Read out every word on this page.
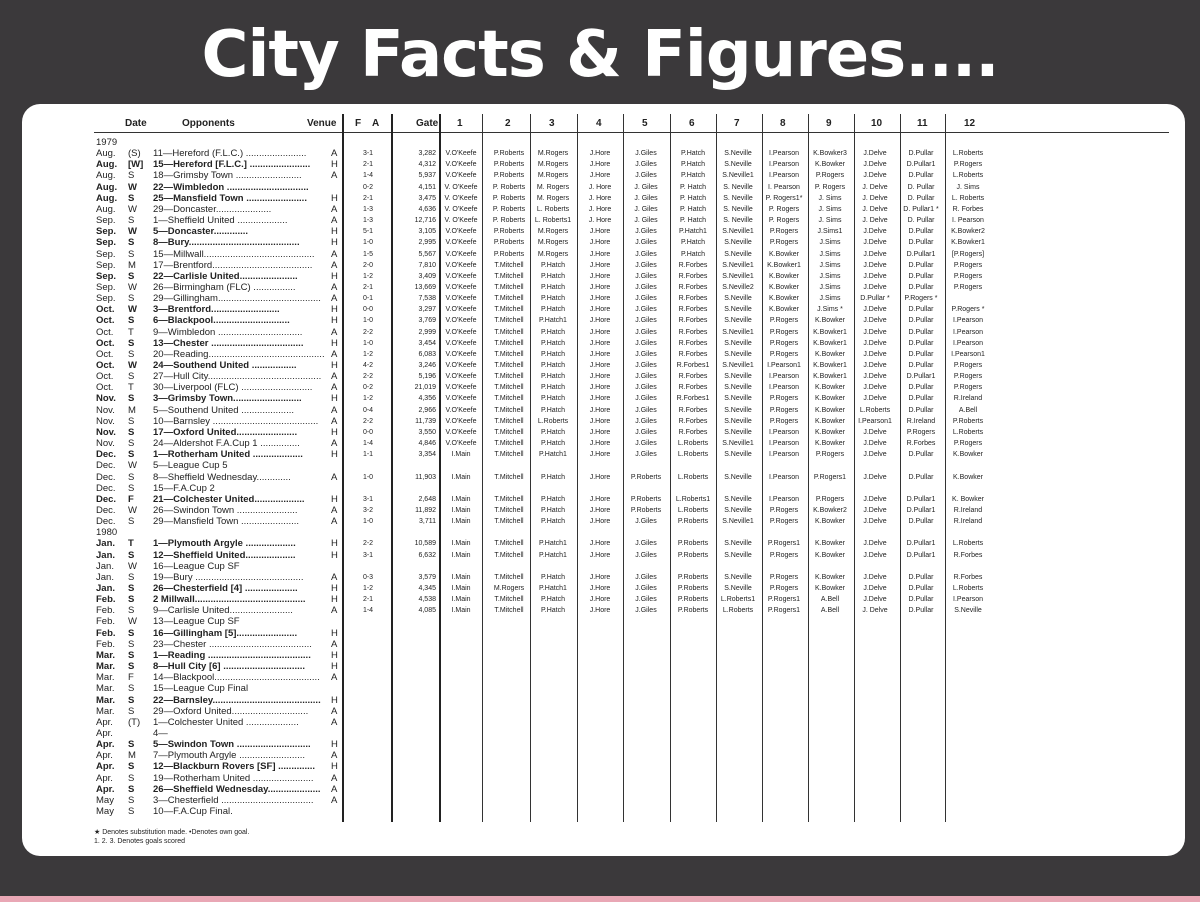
City Facts & Figures....
Date	Opponents	Venue F A	Gate 1	2	3	4	5	6	7	8	9	10	11	12
1979
Aug. (S) 11—Hereford (F.L.C.) .......................	A	3-1	3,282	V.O'Keefe	P.Roberts	M.Rogers	J.Hore	J.Giles	P.Hatch	S.Neville	I.Pearson	K.Bowker3	J.Delve	D.Pullar	L.Roberts
Aug. [W] 15—Hereford [F.L.C.] .......................	H	2-1	4,312	V.O'Keefe	P.Roberts	M.Rogers	J.Hore	J.Giles	P.Hatch	S.Neville	I.Pearson	K.Bowker	J.Delve	D.Pullar1	P.Rogers
Aug. S 18—Grimsby Town .........................	A	1-4	5,937	V.O'Keefe	P.Roberts	M.Rogers	J.Hore	J.Giles	P.Hatch	S.Neville1	I.Pearson	P.Rogers	J.Delve	D.Pullar	L.Roberts
Aug. W 22—Wimbledon ...............................	0-2	4,151	V. O'Keefe	P. Roberts	M. Rogers	J. Hore	J. Giles	P. Hatch	S. Neville	I. Pearson	P. Rogers	J. Delve	D. Pullar	J. Sims
Aug. S 25—Mansfield Town .......................	H	2-1	3,475	V. O'Keefe	P. Roberts	M. Rogers	J. Hore	J. Giles	P. Hatch	S. Neville	P. Rogers1*	J. Sims	J. Delve	D. Pullar	L. Roberts
Aug. W 29—Doncaster.....................	A	1-3	4,636	V. O'Keefe	P. Roberts	L. Roberts	J. Hore	J. Giles	P. Hatch	S. Neville	P. Rogers	J. Sims	J. Delve	D. Pullar1 *	R. Forbes
Sep. S 1—Sheffield United ...................	A	1-3	12,716	V. O'Keefe	P. Roberts	L. Roberts1	J. Hore	J. Giles	P. Hatch	S. Neville	P. Rogers	J. Sims	J. Delve	D. Pullar	I. Pearson
Sep. W 5—Doncaster.............	H	5-1	3,105	V.O'Keefe	P.Roberts	M.Rogers	J.Hore	J.Giles	P.Hatch1	S.Neville1	P.Rogers	J.Sims1	J.Delve	D.Pullar	K.Bowker2
Sep. S 8—Bury..........................................	H	1-0	2,995	V.O'Keefe	P.Roberts	M.Rogers	J.Hore	J.Giles	P.Hatch	S.Neville	P.Rogers	J.Sims	J.Delve	D.Pullar	K.Bowker1
Sep. S 15—Millwall..........................................	A	1-5	5,567	V.O'Keefe	P.Roberts	M.Rogers	J.Hore	J.Giles	P.Hatch	S.Neville	K.Bowker	J.Sims	J.Delve	D.Pullar1	[P.Rogers]
Sep. M 17—Brentford......................................	A	2-0	7,810	V.O'Keefe	T.Mitchell	P.Hatch	J.Hore	J.Giles	R.Forbes	S.Neville1	K.Bowker1	J.Sims	J.Delve	D.Pullar	P.Rogers
Sep. S 22—Carlisle United......................	H	1-2	3,409	V.O'Keefe	T.Mitchell	P.Hatch	J.Hore	J.Giles	R.Forbes	S.Neville1	K.Bowker	J.Sims	J.Delve	D.Pullar	P.Rogers
Sep. W 26—Birmingham (FLC) ................	A	2-1	13,669	V.O'Keefe	T.Mitchell	P.Hatch	J.Hore	J.Giles	R.Forbes	S.Neville2	K.Bowker	J.Sims	J.Delve	D.Pullar	P.Rogers
Sep. S 29—Gillingham.......................................	A	0-1	7,538	V.O'Keefe	T.Mitchell	P.Hatch	J.Hore	J.Giles	R.Forbes	S.Neville	K.Bowker	J.Sims	D.Pullar *	P.Rogers *
Oct. W 3—Brentford..........................	H	0-0	3,297	V.O'Keefe	T.Mitchell	P.Hatch	J.Hore	J.Giles	R.Forbes	S.Neville	K.Bowker	J.Sims *	J.Delve	D.Pullar	P.Rogers *
Oct. S 6—Blackpool.............................	H	1-0	3,769	V.O'Keefe	T.Mitchell	P.Hatch1	J.Hore	J.Giles	R.Forbes	S.Neville	P.Rogers	K.Bowker	J.Delve	D.Pullar	I.Pearson
Oct. T 9—Wimbledon ................................	A	2-2	2,999	V.O'Keefe	T.Mitchell	P.Hatch	J.Hore	J.Giles	R.Forbes	S.Neville1	P.Rogers	K.Bowker1	J.Delve	D.Pullar	I.Pearson
Oct. S 13—Chester ...................................	H	1-0	3,454	V.O'Keefe	T.Mitchell	P.Hatch	J.Hore	J.Giles	R.Forbes	S.Neville	P.Rogers	K.Bowker1	J.Delve	D.Pullar	I.Pearson
Oct. S 20—Reading............................................ A	1-2	6,083	V.O'Keefe	T.Mitchell	P.Hatch	J.Hore	J.Giles	R.Forbes	S.Neville	P.Rogers	K.Bowker	J.Delve	D.Pullar	I.Pearson1
Oct. W 24—Southend United .................	H	4-2	3,246	V.O'Keefe	T.Mitchell	P.Hatch	J.Hore	J.Giles	R.Forbes1	S.Neville1	I.Pearson1	K.Bowker1	J.Delve	D.Pullar	P.Rogers
Oct. S 27—Hull City...........................................	A	2-2	5,196	V.O'Keefe	T.Mitchell	P.Hatch	J.Hore	J.Giles	R.Forbes	S.Neville	I.Pearson	K.Bowker1	J.Delve	D.Pullar1	P.Rogers
Oct. T 30—Liverpool (FLC) ...........................	A	0-2	21,019	V.O'Keefe	T.Mitchell	P.Hatch	J.Hore	J.Giles	R.Forbes	S.Neville	I.Pearson	K.Bowker	J.Delve	D.Pullar	P.Rogers
Nov. S 3—Grimsby Town..........................	H	1-2	4,356	V.O'Keefe	T.Mitchell	P.Hatch	J.Hore	J.Giles	R.Forbes1	S.Neville	P.Rogers	K.Bowker	J.Delve	D.Pullar	R.Ireland
Nov. M 5—Southend United ....................	A	0-4	2,966	V.O'Keefe	T.Mitchell	P.Hatch	J.Hore	J.Giles	R.Forbes	S.Neville	P.Rogers	K.Bowker	L.Roberts	D.Pullar	A.Bell
Nov. S 10—Barnsley ........................................	A	2-2	11,739	V.O'Keefe	T.Mitchell	L.Roberts	J.Hore	J.Giles	R.Forbes	S.Neville	P.Rogers	K.Bowker	I.Pearson1	R.Ireland	P.Roberts
Nov. S 17—Oxford United.......................	H	0-0	3,550	V.O'Keefe	T.Mitchell	P.Hatch	J.Hore	J.Giles	R.Forbes	S.Neville	I.Pearson	K.Bowker	J.Delve	P.Rogers	L.Roberts
Nov. S 24—Aldershot F.A.Cup 1 ...............	A	1-4	4,846	V.O'Keefe	T.Mitchell	P.Hatch	J.Hore	J.Giles	L.Roberts	S.Neville1	I.Pearson	K.Bowker	J.Delve	R.Forbes	P.Rogers
Dec. S 1—Rotherham United ...................	H	1-1	3,354	I.Main	T.Mitchell	P.Hatch1	J.Hore	J.Giles	L.Roberts	S.Neville	I.Pearson	P.Rogers	J.Delve	D.Pullar	K.Bowker
Dec. W 5—League Cup 5
Dec. S 8—Sheffield Wednesday.............	A	1-0	11,903	I.Main	T.Mitchell	P.Hatch	J.Hore	P.Roberts	L.Roberts	S.Neville	I.Pearson	P.Rogers1	J.Delve	D.Pullar	K.Bowker
Dec. S 15—F.A.Cup 2
Dec. F 21—Colchester United...................	H	3-1	2,648	I.Main	T.Mitchell	P.Hatch	J.Hore	P.Roberts	L.Roberts1	S.Neville	I.Pearson	P.Rogers	J.Delve	D.Pullar1	K. Bowker
Dec. W 26—Swindon Town .......................	A	3-2	11,892	I.Main	T.Mitchell	P.Hatch	J.Hore	P.Roberts	L.Roberts	S.Neville	P.Rogers	K.Bowker2	J.Delve	D.Pullar1	R.Ireland
Dec. S 29—Mansfield Town ......................	A	1-0	3,711	I.Main	T.Mitchell	P.Hatch	J.Hore	J.Giles	P.Roberts	S.Neville1	P.Rogers	K.Bowker	J.Delve	D.Pullar	R.Ireland
1980
Jan. T 1—Plymouth Argyle ...................	H	2-2	10,589	I.Main	T.Mitchell	P.Hatch1	J.Hore	J.Giles	P.Roberts	S.Neville	P.Rogers1	K.Bowker	J.Delve	D.Pullar1	L.Roberts
Jan. S 12—Sheffield United...................	H	3-1	6,632	I.Main	T.Mitchell	P.Hatch1	J.Hore	J.Giles	P.Roberts	S.Neville	P.Rogers	K.Bowker	J.Delve	D.Pullar1	R.Forbes
Jan. W 16—League Cup SF
Jan. S 19—Bury .........................................	A	0-3	3,579	I.Main	T.Mitchell	P.Hatch	J.Hore	J.Giles	P.Roberts	S.Neville	P.Rogers	K.Bowker	J.Delve	D.Pullar	R.Forbes
Jan. S 26—Chesterfield [4] ....................	H	1-2	4,345	I.Main	M.Rogers	P.Hatch1	J.Hore	J.Giles	P.Roberts	S.Neville	P.Rogers	K.Bowker	J.Delve	D.Pullar	L.Roberts
Feb. S 2 Millwall..........................................	H	2-1	4,538	I.Main	T.Mitchell	P.Hatch	J.Hore	J.Giles	P.Roberts	L.Roberts1	P.Rogers1	A.Bell	J.Delve	D.Pullar	I.Pearson
Feb. S 9—Carlisle United........................	A	1-4	4,085	I.Main	T.Mitchell	P.Hatch	J.Hore	J.Giles	P.Roberts	L.Roberts	P.Rogers1	A.Bell	J. Delve	D.Pullar	S.Neville
Feb. W 13—League Cup SF
Feb. S 16—Gillingham [5].......................	H
Feb. S 23—Chester .......................................	A
Mar. S 1—Reading .......................................	H
Mar. S 8—Hull City [6] ...............................	H
Mar. F 14—Blackpool........................................	A
Mar. S 15—League Cup Final
Mar. S 22—Barnsley.........................................	H
Mar. S 29—Oxford United.............................	A
Apr. (T) 1—Colchester United ....................	A
Apr.	4—
Apr. S 5—Swindon Town ............................	H
Apr. M 7—Plymouth Argyle .........................	A
Apr. S 12—Blackburn Rovers [SF] ..............	H
Apr. S 19—Rotherham United .......................	A
Apr. S 26—Sheffield Wednesday....................	A
May S 3—Chesterfield ...................................	A
May S 10—F.A.Cup Final.
★ Denotes substitution made. •Denotes own goal.
1. 2. 3. Denotes goals scored
